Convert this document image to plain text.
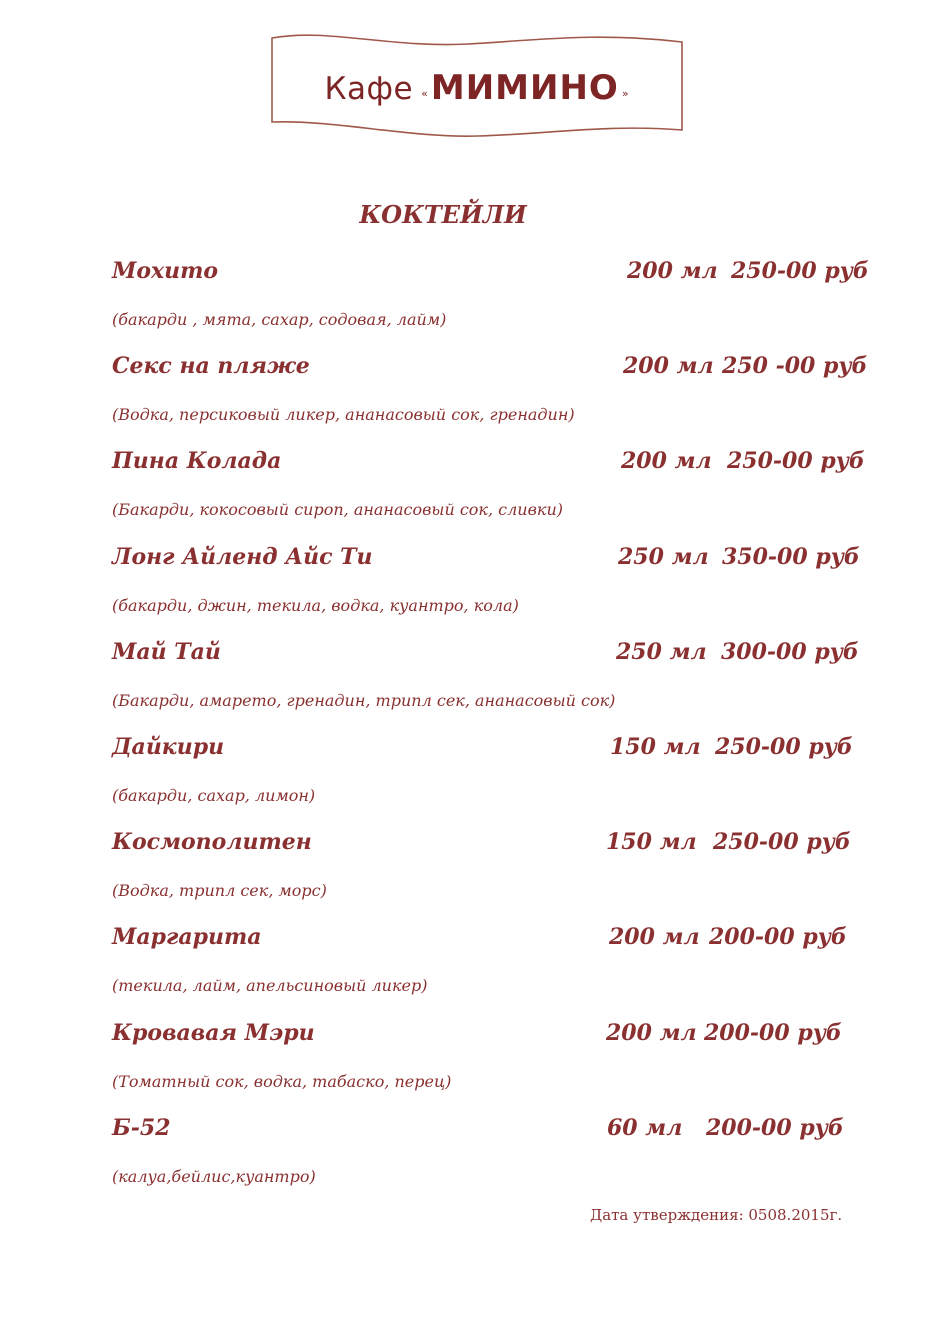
Кафе «МИМИНО »
КОКТЕЙЛИ
Мохито	200 мл 250-00 руб
(бакарди , мята, сахар, содовая, лайм)
Секс на пляже	200 мл 250 -00 руб
(Водка, персиковый ликер, ананасовый сок, гренадин)
Пина Колада	200 мл 250-00 руб
(Бакарди, кокосовый сироп, ананасовый сок, сливки)
Лонг Айленд Айс Ти	250 мл 350-00 руб
(бакарди, джин, текила, водка, куантро, кола)
Май Тай	250 мл 300-00 руб
(Бакарди, амарето, гренадин, трипл сек, ананасовый сок)
Дайкири	150 мл 250-00 руб
(бакарди, сахар, лимон)
Космополитен	150 мл 250-00 руб
(Водка, трипл сек, морс)
Маргарита	200 мл 200-00 руб
(текила, лайм, апельсиновый ликер)
Кровавая Мэри	200 мл 200-00 руб
(Томатный сок, водка, табаско, перец)
Б-52	60 мл 200-00 руб
(калуа,бейлис,куантро)
Дата утверждения: 0508.2015г.
